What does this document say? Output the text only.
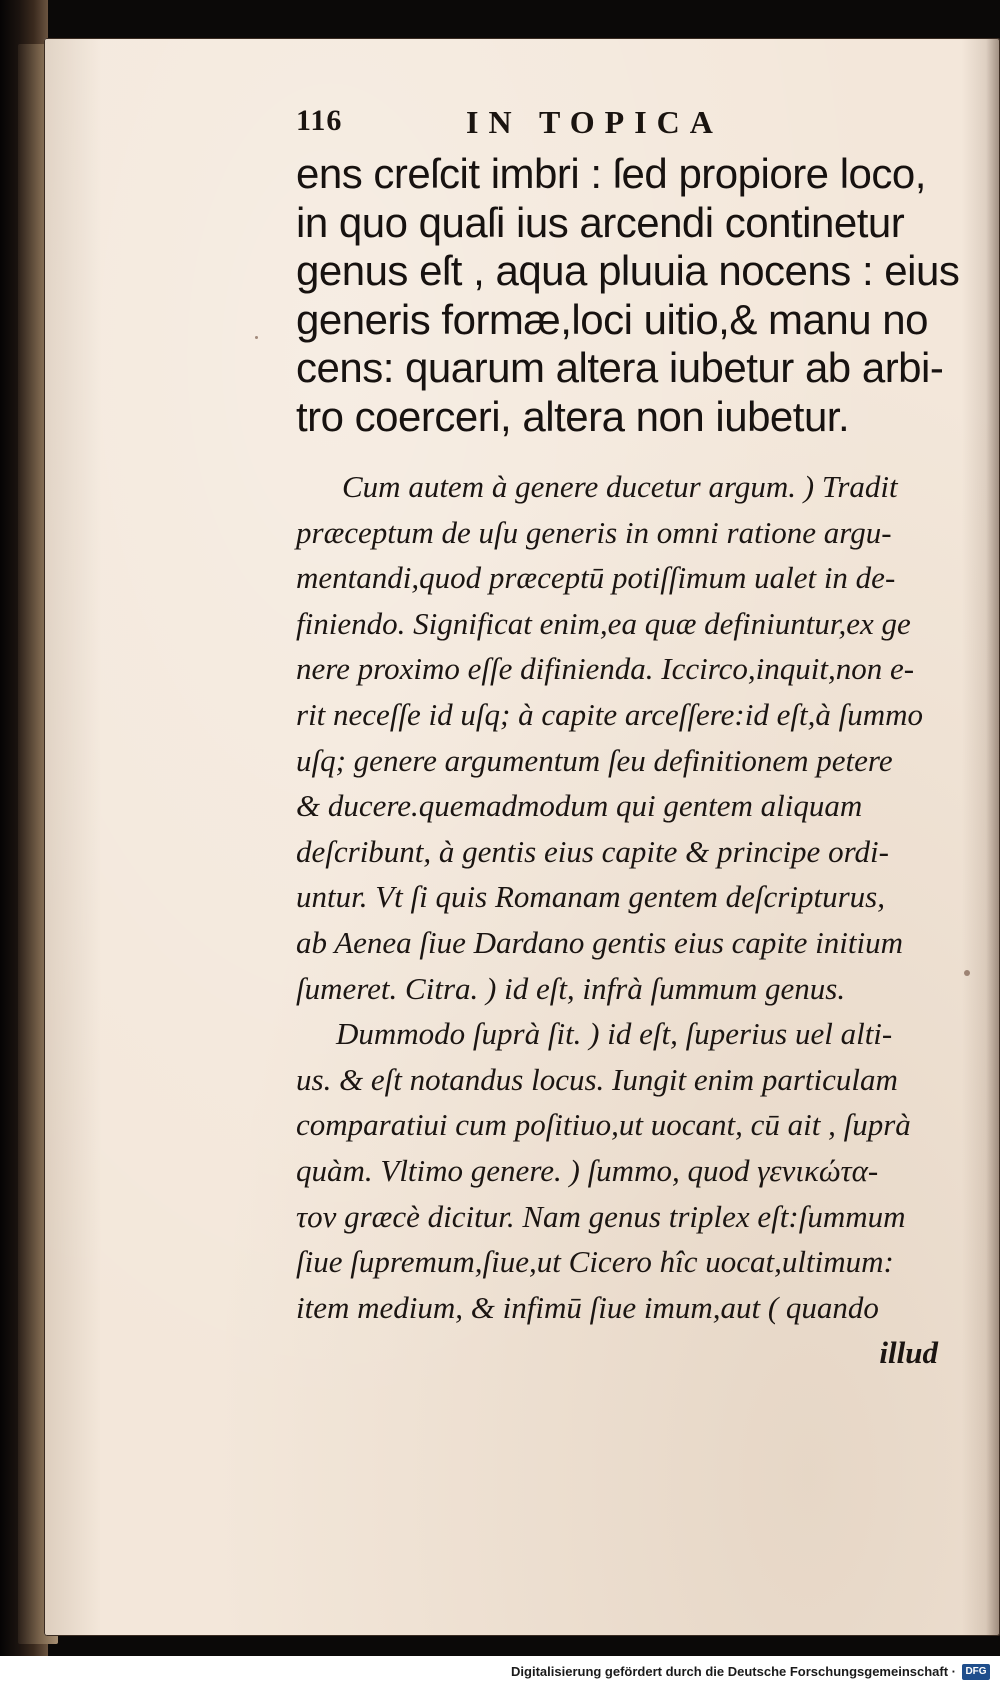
116	IN TOPICA
ens creſcit imbri : ſed propiore loco,
in quo quaſi ius arcendi continetur
genus eſt , aqua pluuia nocens : eius
generis formæ,loci uitio,& manu no
cens: quarum altera iubetur ab arbi-
tro coerceri, altera non iubetur.
Cum autem à genere ducetur argum. ) Tradit
præceptum de uſu generis in omni ratione argu-
mentandi,quod præceptū potiſſimum ualet in de-
finiendo. Significat enim,ea quæ definiuntur,ex ge
nere proximo eſſe difinienda. Iccirco,inquit,non e-
rit neceſſe id uſq; à capite arceſſere:id eſt,à ſummo
uſq; genere argumentum ſeu definitionem petere
& ducere.quemadmodum qui gentem aliquam
deſcribunt, à gentis eius capite & principe ordi-
untur. Vt ſi quis Romanam gentem deſcripturus,
ab Aenea ſiue Dardano gentis eius capite initium
ſumeret. Citra. ) id eſt, infrà ſummum genus.
Dummodo ſuprà ſit. ) id eſt, ſuperius uel alti-
us. & eſt notandus locus. Iungit enim particulam
comparatiui cum poſitiuo,ut uocant, cū ait , ſuprà
quàm. Vltimo genere. ) ſummo, quod γενικώτα-
τον græcè dicitur. Nam genus triplex eſt:ſummum
ſiue ſupremum,ſiue,ut Cicero hîc uocat,ultimum:
item medium, & infimū ſiue imum,aut ( quando
illud
Digitalisierung gefördert durch die Deutsche Forschungsgemeinschaft · DFG
